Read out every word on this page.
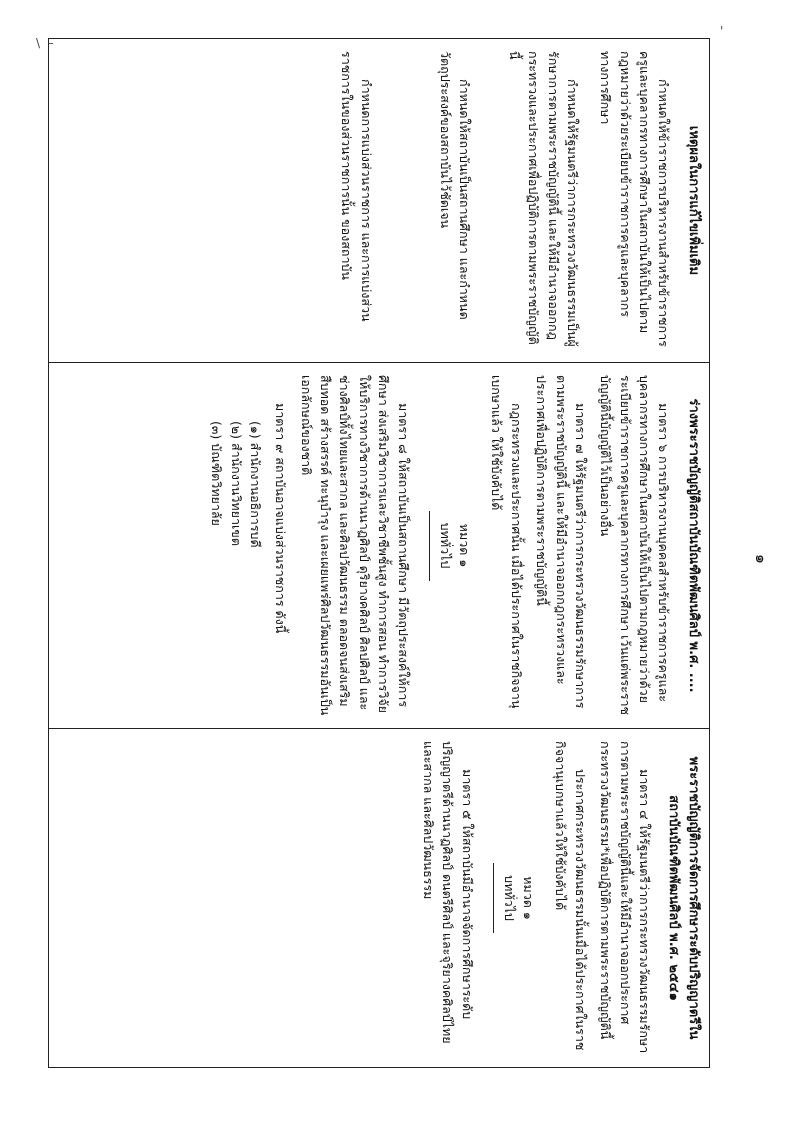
๑
พระราชบัญญัติการจัดการศึกษาระดับปริญญาตรีในสถาบันบัณฑิตพัฒนศิลป์ พ.ศ. ๒๕๔๑
มาตรา ๔ ให้รัฐมนตรีว่าการกระทรวงวัฒนธรรมรักษาการตามพระราชบัญญัตินี้และให้มีอำนาจออกประกาศกระทรวงวัฒนธรรม*เพื่อปฏิบัติการตามพระราชบัญญัตินี้
ประกาศกระทรวงวัฒนธรรมนั้นเมื่อได้ประกาศในราชกิจจานุเบกษาแล้วให้ใช้บังคับได้
หมวด ๑
บททั่วไป
มาตรา ๕ ให้สถาบันมีอำนาจจัดการศึกษาระดับปริญญาตรีด้านนาฏศิลป์ ดนตรีศิลป์ และจุริยางคศิลป์ไทยและสากล และศิลปวัฒนธรรม
ร่างพระราชบัญญัติสถาบันบัณฑิตพัฒนศิลป์ พ.ศ. ....
มาตรา ๖ การบริหารงานบุคคลสำหรับข้าราชการครูและบุคลากรทางการศึกษาในสถาบันให้เป็นไปตามกฎหมายว่าด้วยระเบียบข้าราชการครูและบุคลากรทางการศึกษา เว้นแต่พระราชบัญญัตินี้บัญญัติไว้เป็นอย่างอื่น
มาตรา ๗ ให้รัฐมนตรีว่าการกระทรวงวัฒนธรรมรักษาการตามพระราชบัญญัตินี้ และให้มีอำนาจออกกฎกระทรวงและประกาศเพื่อปฏิบัติการตามพระราชบัญญัตินี้
กฎกระทรวงและประกาศนั้น เมื่อได้ประกาศในราชกิจจานุเบกษาแล้ว ให้ใช้บังคับได้
หมวด ๑
บททั่วไป
มาตรา ๘ ให้สถาบันเป็นสถานศึกษา มีวัตถุประสงค์ให้การศึกษา ส่งเสริมวิชาการและวิชาชีพชั้นสูง ทำการสอน ทำการวิจัย ให้บริการทางวิชาการด้านนาฏศิลป์ ดุริยางคศิลป์ ศิลปศิลป์ และช่างศิลป์ทั้งไทยและสากล และศิลปวัฒนธรรม ตลอดจนส่งเสริม สืบทอด สร้างสรรค์ ทะนุบำรุง และเผยแพร่ศิลปวัฒนธรรมอันเป็นเอกลักษณ์ของชาติ
มาตรา ๙ สถาบันอาจแบ่งส่วนราชการ ดังนี้
(๑) สำนักงานอธิการบดี
(๒) สำนักงานวิทยาเขต
(๓) บัณฑิตวิทยาลัย
เหตุผลในการแก้ไขเพิ่มเติม
กำหนดให้ข้าราชการบริหารงานสำหรับข้าราชการครูและบุคลากรทางการศึกษาในสถาบันให้เป็นไปตามกฎหมายว่าด้วยระเบียบข้าราชการครูและบุคลากรทางการศึกษา
กำหนดให้รัฐมนตรีว่าการกระทรวงวัฒนธรรมเป็นผู้รักษาการตามพระราชบัญญัตินี้ และให้มีอำนาจออกกฎกระทรวงและประกาศเพื่อปฏิบัติการตามพระราชบัญญัตินี้
กำหนดให้สถาบันเป็นสถานศึกษา และกำหนดวัตถุประสงค์ของสถาบันไว้ชัดเจน
กำหนดการแบ่งส่วนราชการ และการแบ่งส่วนราชการในของส่วนราชการนั้น ของสถาบัน
\  –
'
